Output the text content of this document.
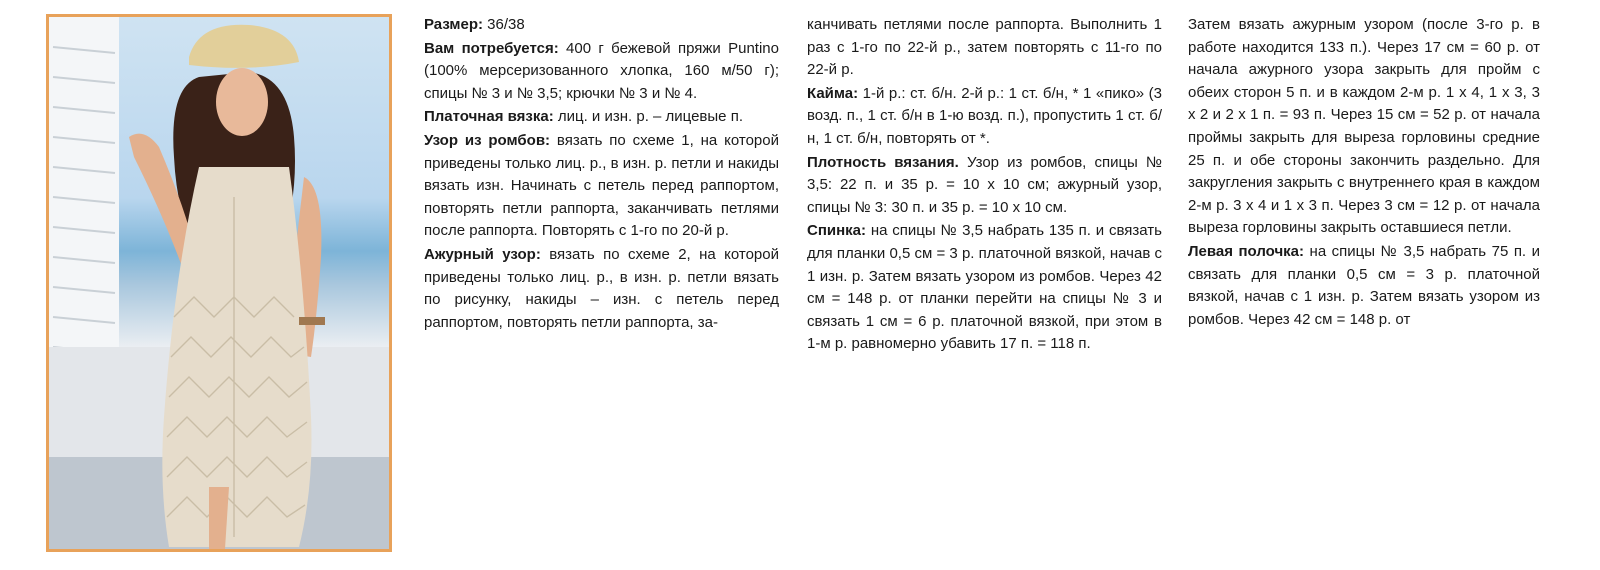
Размер: 36/38

Вам потребуется: 400 г бежевой пряжи Puntino (100% мерсеризованного хлопка, 160 м/50 г); спицы № 3 и № 3,5; крючки № 3 и № 4.

Платочная вязка: лиц. и изн. р. – лицевые п.

Узор из ромбов: вязать по схеме 1, на которой приведены только лиц. р., в изн. р. петли и накиды вязать изн. Начинать с петель перед раппортом, повторять петли раппорта, заканчивать петлями после раппорта. Повторять с 1-го по 20-й р.

Ажурный узор: вязать по схеме 2, на которой приведены только лиц. р., в изн. р. петли вязать по рисунку, накиды – изн. с петель перед раппортом, повторять петли раппорта, за-

канчивать петлями после раппорта. Выполнить 1 раз с 1-го по 22-й р., затем повторять с 11-го по 22-й р.

Кайма: 1-й р.: ст. б/н. 2-й р.: 1 ст. б/н, * 1 «пико» (3 возд. п., 1 ст. б/н в 1-ю возд. п.), пропустить 1 ст. б/н, 1 ст. б/н, повторять от *.

Плотность вязания. Узор из ромбов, спицы № 3,5: 22 п. и 35 р. = 10 x 10 см; ажурный узор, спицы № 3: 30 п. и 35 р. = 10 x 10 см.

Спинка: на спицы № 3,5 набрать 135 п. и связать для планки 0,5 см = 3 р. платочной вязкой, начав с 1 изн. р. Затем вязать узором из ромбов. Через 42 см = 148 р. от планки перейти на спицы № 3 и связать 1 см = 6 р. платочной вязкой, при этом в 1-м р. равномерно убавить 17 п. = 118 п.

Затем вязать ажурным узором (после 3-го р. в работе находится 133 п.). Через 17 см = 60 р. от начала ажурного узора закрыть для пройм с обеих сторон 5 п. и в каждом 2-м р. 1 x 4, 1 x 3, 3 x 2 и 2 x 1 п. = 93 п. Через 15 см = 52 р. от начала проймы закрыть для выреза горловины средние 25 п. и обе стороны закончить раздельно. Для закругления закрыть с внутреннего края в каждом 2-м р. 3 x 4 и 1 x 3 п. Через 3 см = 12 р. от начала выреза горловины закрыть оставшиеся петли.

Левая полочка: на спицы № 3,5 набрать 75 п. и связать для планки 0,5 см = 3 р. платочной вязкой, начав с 1 изн. р. Затем вязать узором из ромбов. Через 42 см = 148 р. от
